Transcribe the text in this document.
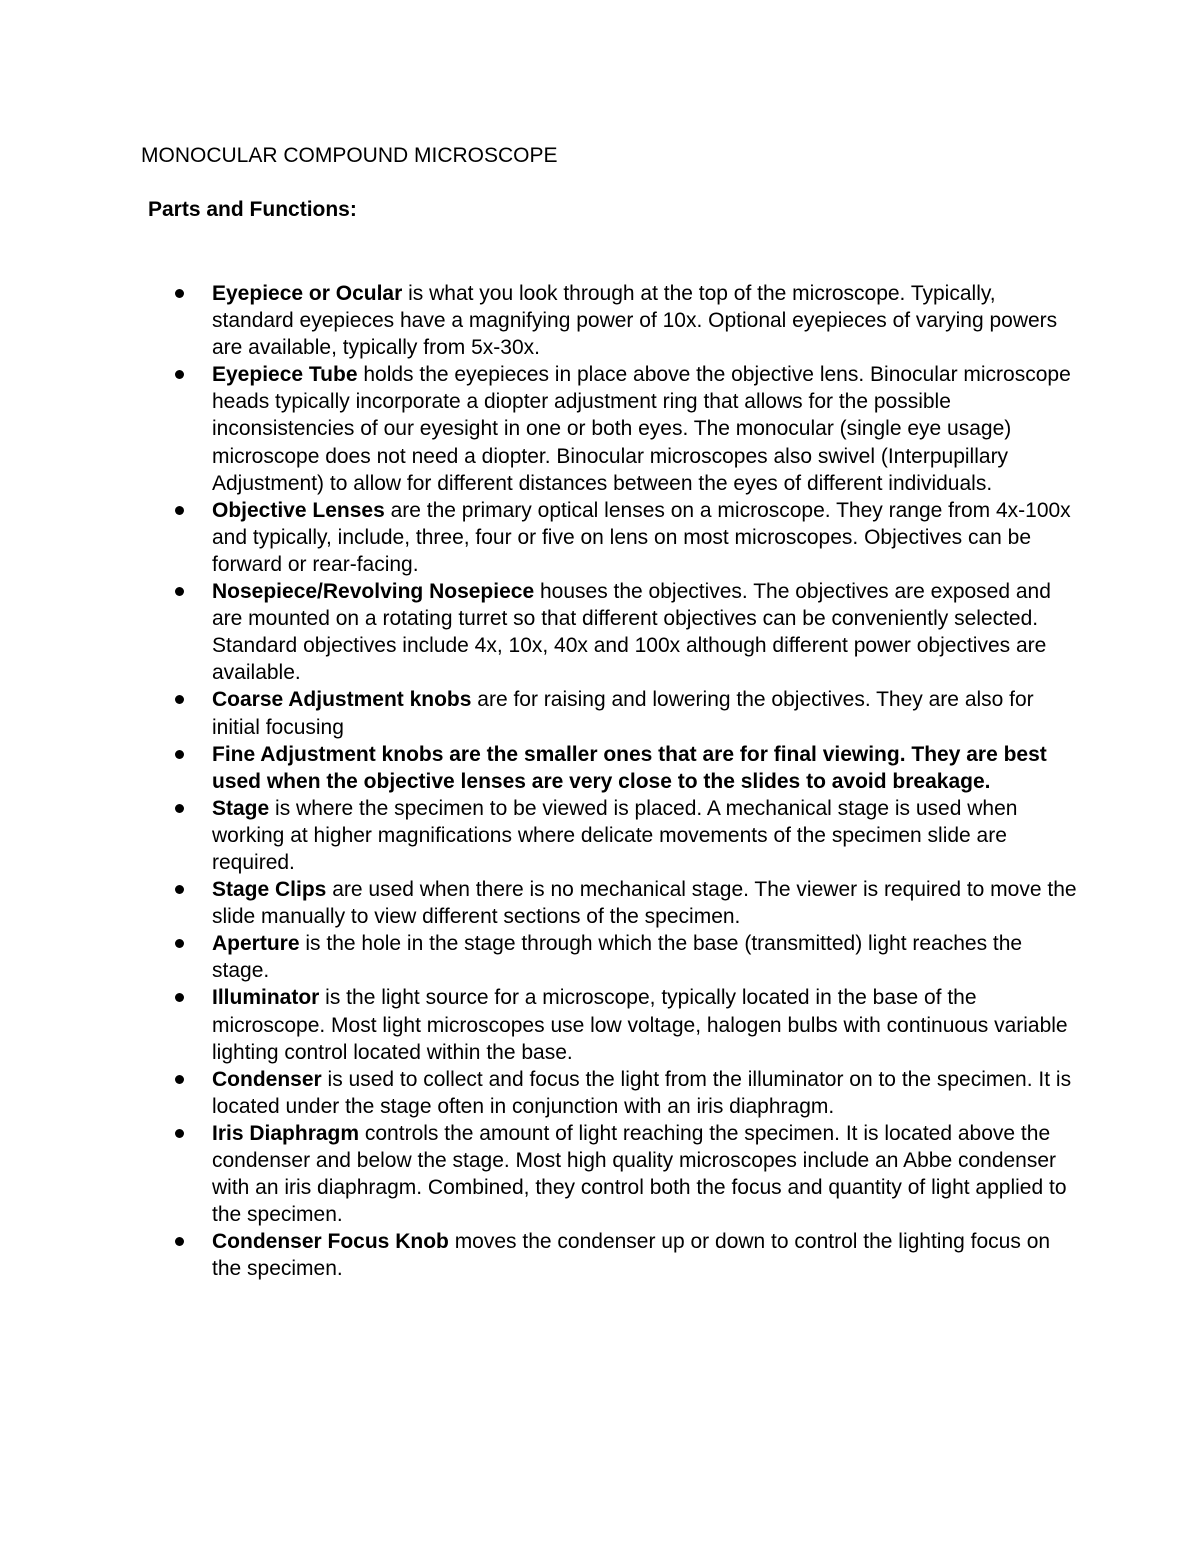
MONOCULAR COMPOUND MICROSCOPE
Parts and Functions:
Eyepiece or Ocular is what you look through at the top of the microscope. Typically, standard eyepieces have a magnifying power of 10x. Optional eyepieces of varying powers are available, typically from 5x-30x.
Eyepiece Tube holds the eyepieces in place above the objective lens. Binocular microscope heads typically incorporate a diopter adjustment ring that allows for the possible inconsistencies of our eyesight in one or both eyes. The monocular (single eye usage) microscope does not need a diopter. Binocular microscopes also swivel (Interpupillary Adjustment) to allow for different distances between the eyes of different individuals.
Objective Lenses are the primary optical lenses on a microscope. They range from 4x-100x and typically, include, three, four or five on lens on most microscopes. Objectives can be forward or rear-facing.
Nosepiece/Revolving Nosepiece houses the objectives. The objectives are exposed and are mounted on a rotating turret so that different objectives can be conveniently selected. Standard objectives include 4x, 10x, 40x and 100x although different power objectives are available.
Coarse Adjustment knobs are for raising and lowering the objectives. They are also for initial focusing
Fine Adjustment knobs are the smaller ones that are for final viewing. They are best used when the objective lenses are very close to the slides to avoid breakage.
Stage is where the specimen to be viewed is placed. A mechanical stage is used when working at higher magnifications where delicate movements of the specimen slide are required.
Stage Clips are used when there is no mechanical stage. The viewer is required to move the slide manually to view different sections of the specimen.
Aperture is the hole in the stage through which the base (transmitted) light reaches the stage.
Illuminator is the light source for a microscope, typically located in the base of the microscope. Most light microscopes use low voltage, halogen bulbs with continuous variable lighting control located within the base.
Condenser is used to collect and focus the light from the illuminator on to the specimen. It is located under the stage often in conjunction with an iris diaphragm.
Iris Diaphragm controls the amount of light reaching the specimen. It is located above the condenser and below the stage. Most high quality microscopes include an Abbe condenser with an iris diaphragm. Combined, they control both the focus and quantity of light applied to the specimen.
Condenser Focus Knob moves the condenser up or down to control the lighting focus on the specimen.
